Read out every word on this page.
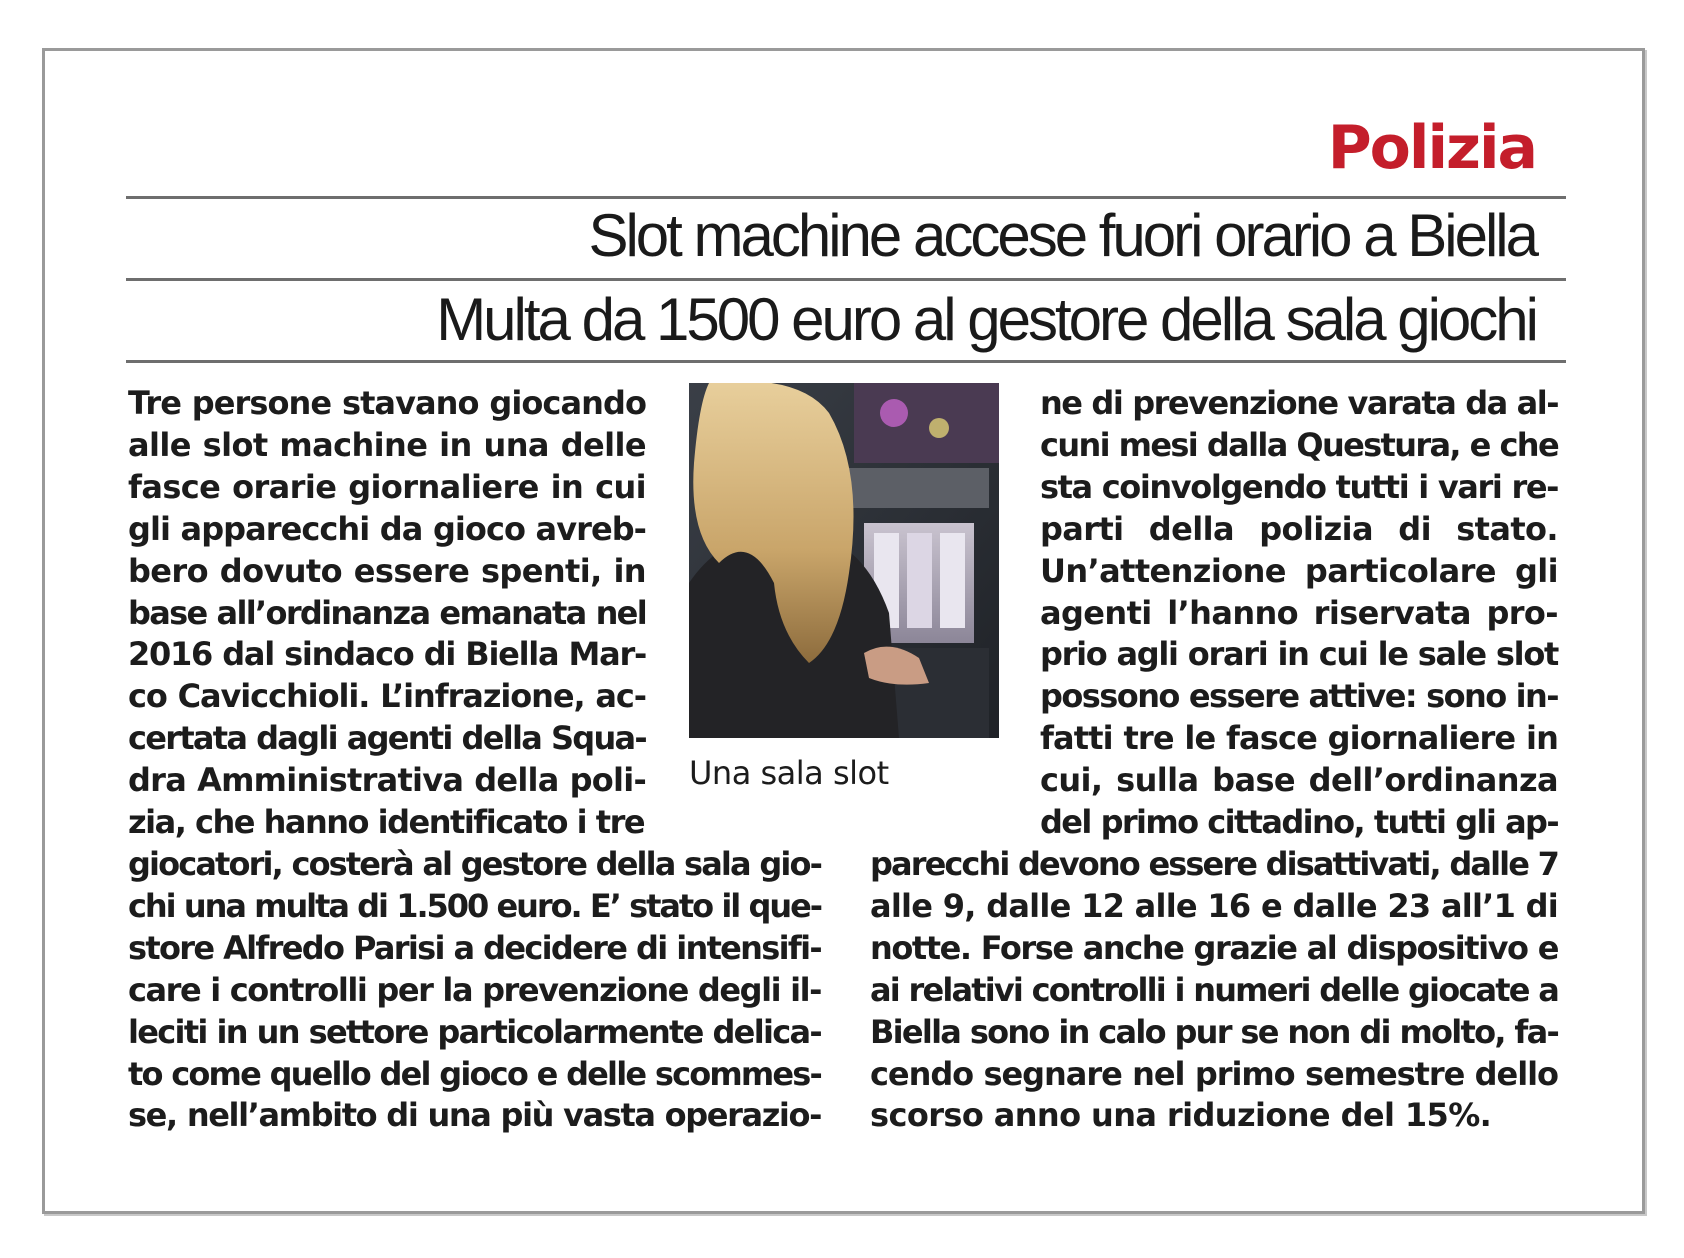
Polizia
Slot machine accese fuori orario a Biella
Multa da 1500 euro al gestore della sala giochi
Tre persone stavano giocando
alle slot machine in una delle
fasce orarie giornaliere in cui
gli apparecchi da gioco avreb-
bero dovuto essere spenti, in
base all’ordinanza emanata nel
2016 dal sindaco di Biella Mar-
co Cavicchioli. L’infrazione, ac-
certata dagli agenti della Squa-
dra Amministrativa della poli-
zia, che hanno identificato i tre
Una sala slot
ne di prevenzione varata da al-
cuni mesi dalla Questura, e che
sta coinvolgendo tutti i vari re-
parti della polizia di stato.
Un’attenzione particolare gli
agenti l’hanno riservata pro-
prio agli orari in cui le sale slot
possono essere attive: sono in-
fatti tre le fasce giornaliere in
cui, sulla base dell’ordinanza
del primo cittadino, tutti gli ap-
giocatori, costerà al gestore della sala gio-
chi una multa di 1.500 euro. E’ stato il que-
store Alfredo Parisi a decidere di intensifi-
care i controlli per la prevenzione degli il-
leciti in un settore particolarmente delica-
to come quello del gioco e delle scommes-
se, nell’ambito di una più vasta operazio-
parecchi devono essere disattivati, dalle 7
alle 9, dalle 12 alle 16 e dalle 23 all’1 di
notte. Forse anche grazie al dispositivo e
ai relativi controlli i numeri delle giocate a
Biella sono in calo pur se non di molto, fa-
cendo segnare nel primo semestre dello
scorso anno una riduzione del 15%.
